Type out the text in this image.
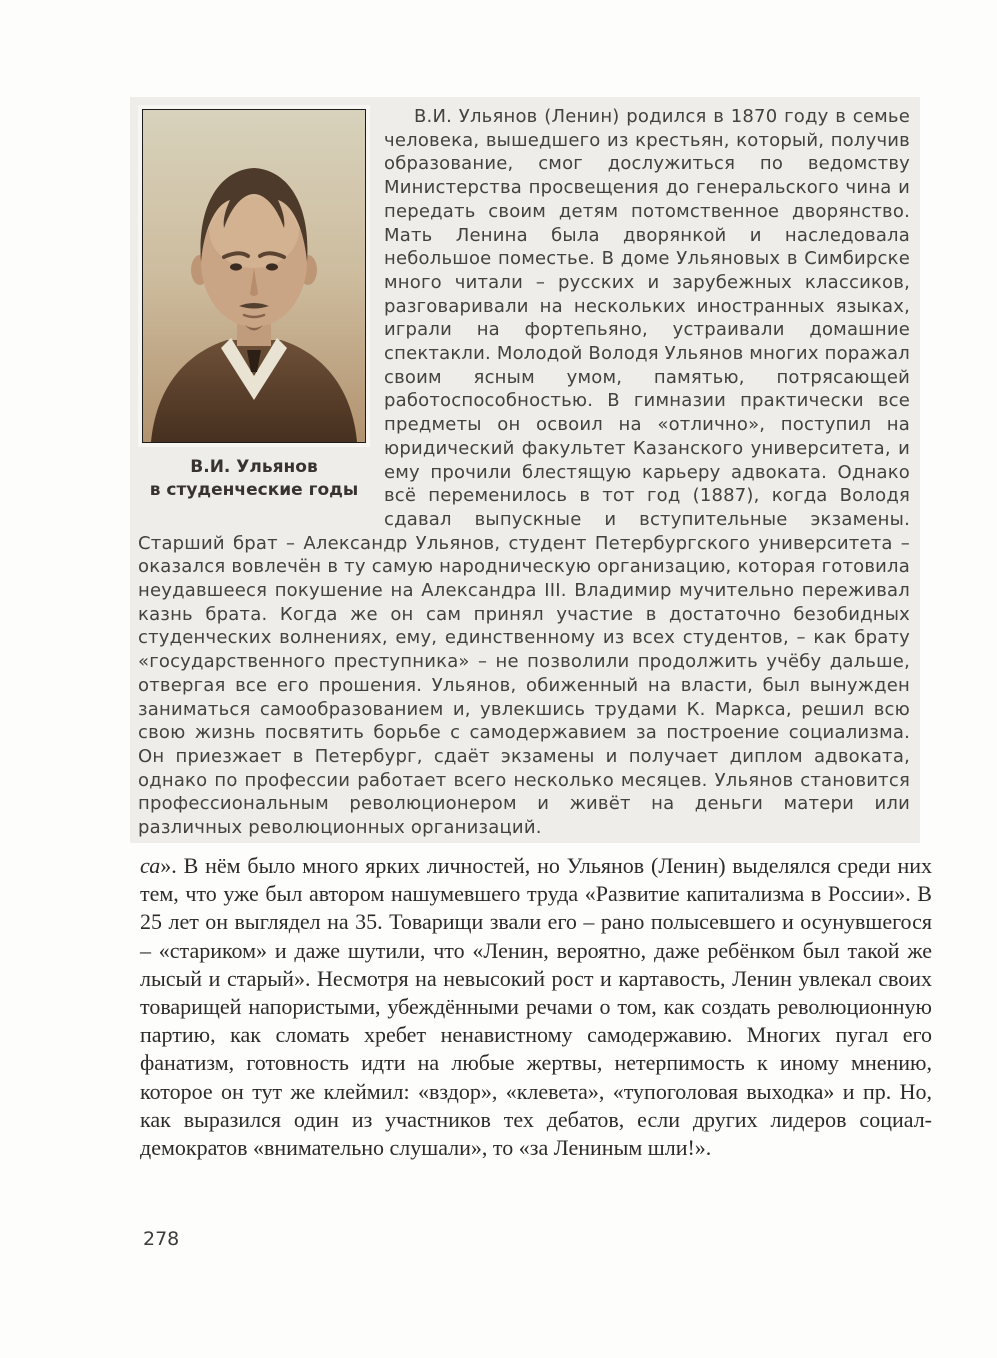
В.И. Ульянов
в студенческие годы

В.И. Ульянов (Ленин) родился в 1870 году в семье человека, вышедшего из крестьян, который, получив образование, смог дослужиться по ведомству Министерства просвещения до генеральского чина и передать своим детям потомственное дворянство. Мать Ленина была дворянкой и наследовала небольшое поместье. В доме Ульяновых в Симбирске много читали – русских и зарубежных классиков, разговаривали на нескольких иностранных языках, играли на фортепьяно, устраивали домашние спектакли. Молодой Володя Ульянов многих поражал своим ясным умом, памятью, потрясающей работоспособностью. В гимназии практически все предметы он освоил на «отлично», поступил на юридический факультет Казанского университета, и ему прочили блестящую карьеру адвоката. Однако всё переменилось в тот год (1887), когда Володя сдавал выпускные и вступительные экзамены. Старший брат – Александр Ульянов, студент Петербургского университета – оказался вовлечён в ту самую народническую организацию, которая готовила неудавшееся покушение на Александра III. Владимир мучительно переживал казнь брата. Когда же он сам принял участие в достаточно безобидных студенческих волнениях, ему, единственному из всех студентов, – как брату «государственного преступника» – не позволили продолжить учёбу дальше, отвергая все его прошения. Ульянов, обиженный на власти, был вынужден заниматься самообразованием и, увлекшись трудами К. Маркса, решил всю свою жизнь посвятить борьбе с самодержавием за построение социализма. Он приезжает в Петербург, сдаёт экзамены и получает диплом адвоката, однако по профессии работает всего несколько месяцев. Ульянов становится профессиональным революционером и живёт на деньги матери или различных революционных организаций.

са». В нём было много ярких личностей, но Ульянов (Ленин) выделялся среди них тем, что уже был автором нашумевшего труда «Развитие капитализма в России». В 25 лет он выглядел на 35. Товарищи звали его – рано полысевшего и осунувшегося – «стариком» и даже шутили, что «Ленин, вероятно, даже ребёнком был такой же лысый и старый». Несмотря на невысокий рост и картавость, Ленин увлекал своих товарищей напористыми, убеждёнными речами о том, как создать революционную партию, как сломать хребет ненавистному самодержавию. Многих пугал его фанатизм, готовность идти на любые жертвы, нетерпимость к иному мнению, которое он тут же клеймил: «вздор», «клевета», «тупоголовая выходка» и пр. Но, как выразился один из участников тех дебатов, если других лидеров социал-демократов «внимательно слушали», то «за Лениным шли!».

278
